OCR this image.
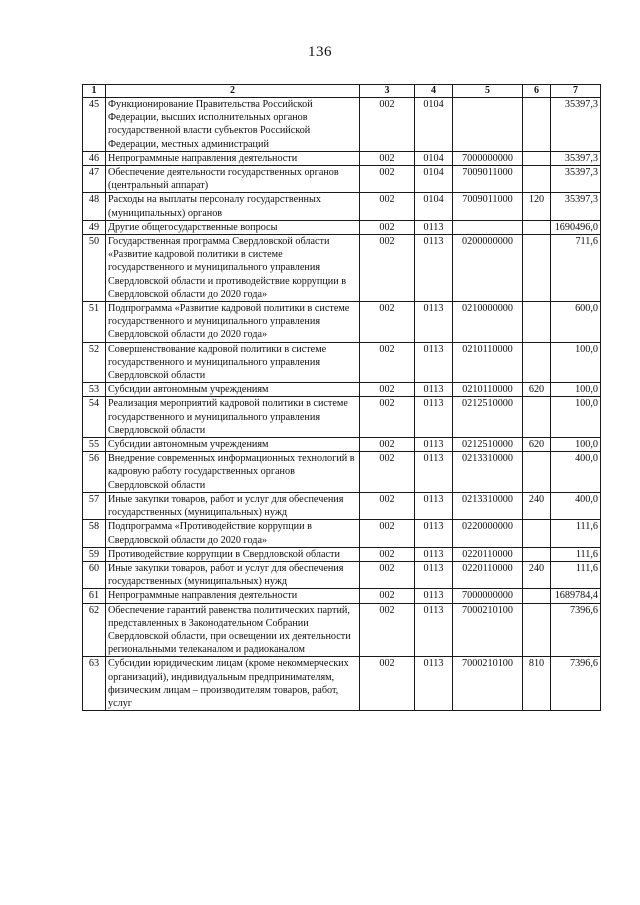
136
1	2	3	4	5	6	7
45	Функционирование Правительства Российской Федерации, высших исполнительных органов государственной власти субъектов Российской Федерации, местных администраций	002	0104			35397,3
46	Непрограммные направления деятельности	002	0104	7000000000		35397,3
47	Обеспечение деятельности государственных органов (центральный аппарат)	002	0104	7009011000		35397,3
48	Расходы на выплаты персоналу государственных (муниципальных) органов	002	0104	7009011000	120	35397,3
49	Другие общегосударственные вопросы	002	0113			1690496,0
50	Государственная программа Свердловской области «Развитие кадровой политики в системе государственного и муниципального управления Свердловской области и противодействие коррупции в Свердловской области до 2020 года»	002	0113	0200000000		711,6
51	Подпрограмма «Развитие кадровой политики в системе государственного и муниципального управления Свердловской области до 2020 года»	002	0113	0210000000		600,0
52	Совершенствование кадровой политики в системе государственного и муниципального управления Свердловской области	002	0113	0210110000		100,0
53	Субсидии автономным учреждениям	002	0113	0210110000	620	100,0
54	Реализация мероприятий кадровой политики в системе государственного и муниципального управления Свердловской области	002	0113	0212510000		100,0
55	Субсидии автономным учреждениям	002	0113	0212510000	620	100,0
56	Внедрение современных информационных технологий в кадровую работу государственных органов Свердловской области	002	0113	0213310000		400,0
57	Иные закупки товаров, работ и услуг для обеспечения государственных (муниципальных) нужд	002	0113	0213310000	240	400,0
58	Подпрограмма «Противодействие коррупции в Свердловской области до 2020 года»	002	0113	0220000000		111,6
59	Противодействие коррупции в Свердловской области	002	0113	0220110000		111,6
60	Иные закупки товаров, работ и услуг для обеспечения государственных (муниципальных) нужд	002	0113	0220110000	240	111,6
61	Непрограммные направления деятельности	002	0113	7000000000		1689784,4
62	Обеспечение гарантий равенства политических партий, представленных в Законодательном Собрании Свердловской области, при освещении их деятельности региональными телеканалом и радиоканалом	002	0113	7000210100		7396,6
63	Субсидии юридическим лицам (кроме некоммерческих организаций), индивидуальным предпринимателям, физическим лицам – производителям товаров, работ, услуг	002	0113	7000210100	810	7396,6
